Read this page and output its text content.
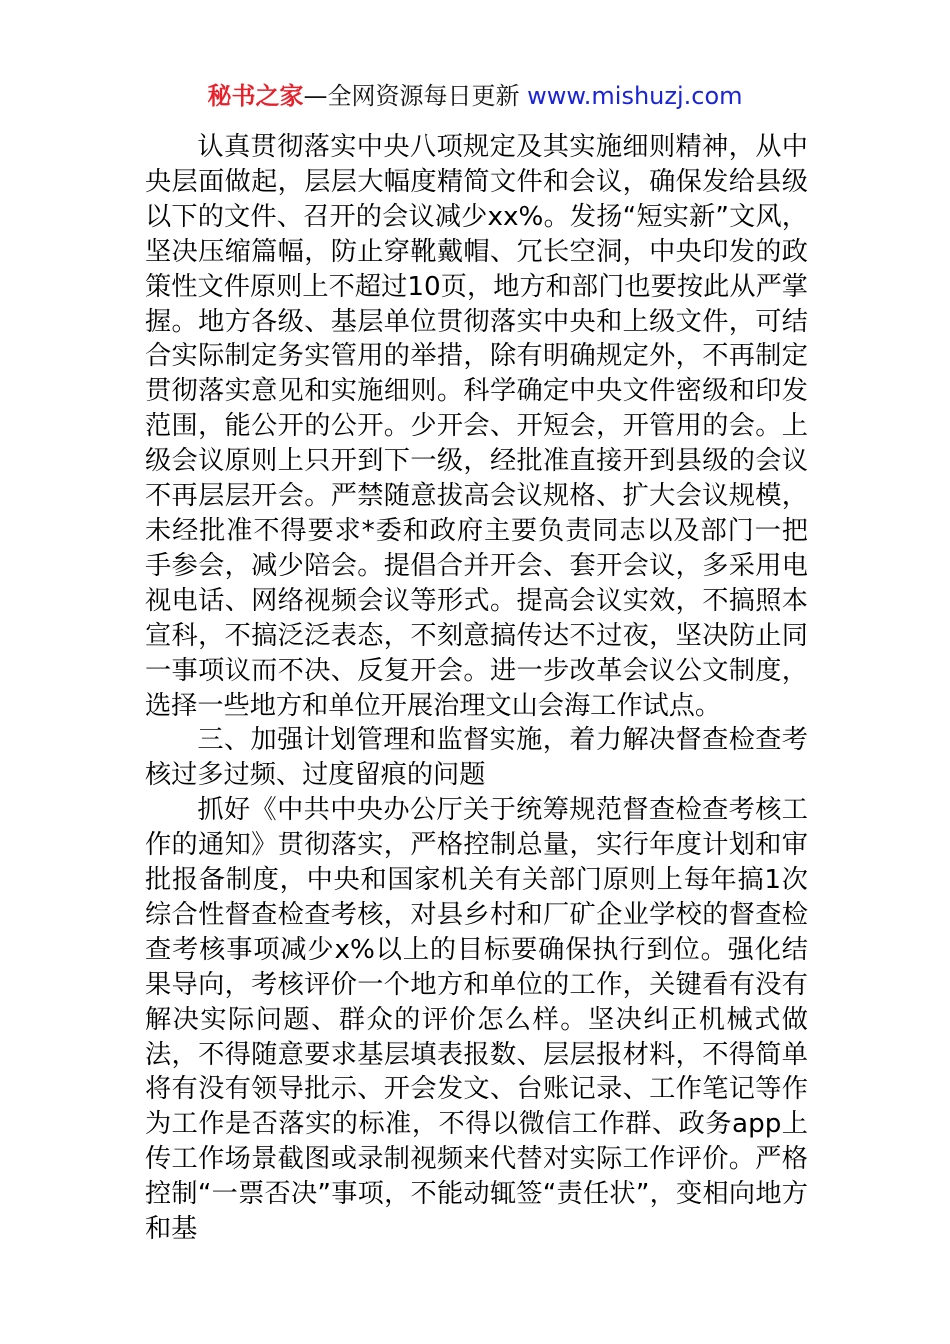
秘书之家—全网资源每日更新 www.mishuzj.com

认真贯彻落实中央八项规定及其实施细则精神，从中央层面做起，层层大幅度精简文件和会议，确保发给县级以下的文件、召开的会议减少xx%。发扬“短实新”文风，坚决压缩篇幅，防止穿靴戴帽、冗长空洞，中央印发的政策性文件原则上不超过10页，地方和部门也要按此从严掌握。地方各级、基层单位贯彻落实中央和上级文件，可结合实际制定务实管用的举措，除有明确规定外，不再制定贯彻落实意见和实施细则。科学确定中央文件密级和印发范围，能公开的公开。少开会、开短会，开管用的会。上级会议原则上只开到下一级，经批准直接开到县级的会议不再层层开会。严禁随意拔高会议规格、扩大会议规模，未经批准不得要求*委和政府主要负责同志以及部门一把手参会，减少陪会。提倡合并开会、套开会议，多采用电视电话、网络视频会议等形式。提高会议实效，不搞照本宣科，不搞泛泛表态，不刻意搞传达不过夜，坚决防止同一事项议而不决、反复开会。进一步改革会议公文制度，选择一些地方和单位开展治理文山会海工作试点。

三、加强计划管理和监督实施，着力解决督查检查考核过多过频、过度留痕的问题

抓好《中共中央办公厅关于统筹规范督查检查考核工作的通知》贯彻落实，严格控制总量，实行年度计划和审批报备制度，中央和国家机关有关部门原则上每年搞1次综合性督查检查考核，对县乡村和厂矿企业学校的督查检查考核事项减少x%以上的目标要确保执行到位。强化结果导向，考核评价一个地方和单位的工作，关键看有没有解决实际问题、群众的评价怎么样。坚决纠正机械式做法，不得随意要求基层填表报数、层层报材料，不得简单将有没有领导批示、开会发文、台账记录、工作笔记等作为工作是否落实的标准，不得以微信工作群、政务app上传工作场景截图或录制视频来代替对实际工作评价。严格控制“一票否决”事项，不能动辄签“责任状”，变相向地方和基
